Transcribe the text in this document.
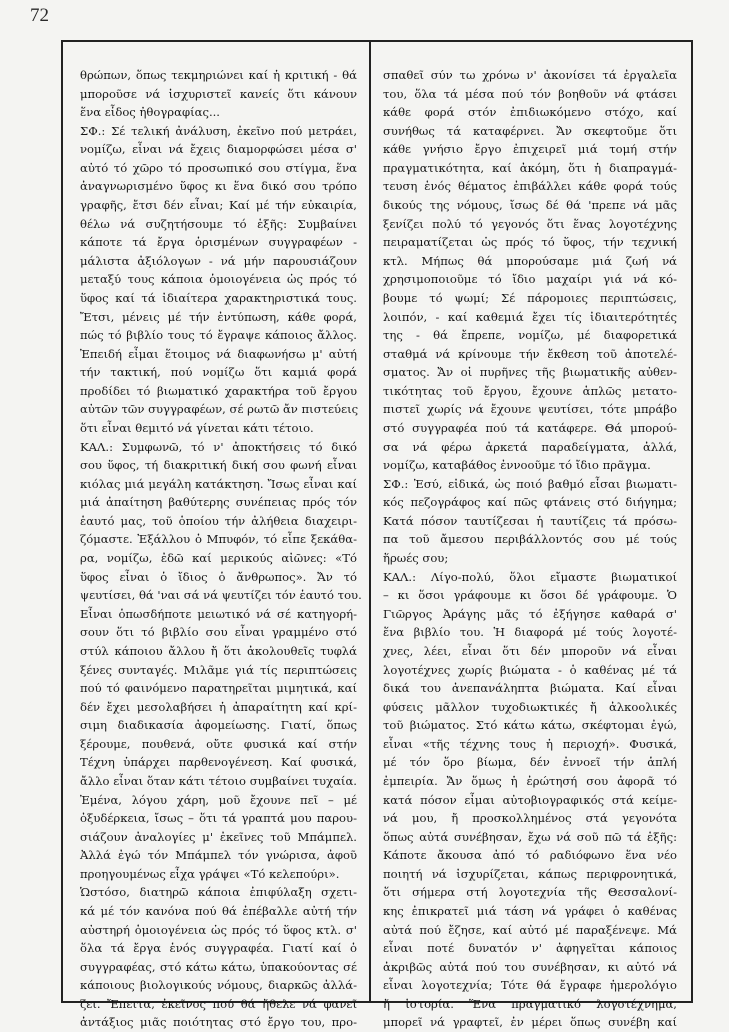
72
θρώπων, ὅπως τεκμηριώνει καί ἡ κριτική - θά
μποροῦσε νά ἰσχυριστεῖ κανείς ὅτι κάνουν
ἕνα εἶδος ἠθογραφίας...
ΣΦ.: Σέ τελική ἀνάλυση, ἐκεῖνο πού μετράει,
νομίζω, εἶναι νά ἔχεις διαμορφώσει μέσα σ'
αὐτό τό χῶρο τό προσωπικό σου στίγμα, ἕνα
ἀναγνωρισμένο ὕφος κι ἕνα δικό σου τρόπο
γραφῆς, ἔτσι δέν εἶναι; Καί μέ τήν εὐκαιρία,
θέλω νά συζητήσουμε τό ἑξῆς: Συμβαίνει
κάποτε τά ἔργα ὁρισμένων συγγραφέων -
μάλιστα ἀξιόλογων - νά μήν παρουσιάζουν
μεταξύ τους κάποια ὁμοιογένεια ὡς πρός τό
ὕφος καί τά ἰδιαίτερα χαρακτηριστικά τους.
Ἔτσι, μένεις μέ τήν ἐντύπωση, κάθε φορά,
πώς τό βιβλίο τους τό ἔγραψε κάποιος ἄλλος.
Ἐπειδή εἶμαι ἕτοιμος νά διαφωνήσω μ' αὐτή
τήν τακτική, πού νομίζω ὅτι καμιά φορά
προδίδει τό βιωματικό χαρακτήρα τοῦ ἔργου
αὐτῶν τῶν συγγραφέων, σέ ρωτῶ ἄν πιστεύεις
ὅτι εἶναι θεμιτό νά γίνεται κάτι τέτοιο.
ΚΑΛ.: Συμφωνῶ, τό ν' ἀποκτήσεις τό δικό
σου ὕφος, τή διακριτική δική σου φωνή εἶναι
κιόλας μιά μεγάλη κατάκτηση. Ἴσως εἶναι καί
μιά ἀπαίτηση βαθύτερης συνέπειας πρός τόν
ἑαυτό μας, τοῦ ὁποίου τήν ἀλήθεια διαχειρι-
ζόμαστε. Ἐξάλλου ὁ Μπυφόν, τό εἶπε ξεκάθα-
ρα, νομίζω, ἐδῶ καί μερικούς αἰῶνες: «Τό
ὕφος εἶναι ὁ ἴδιος ὁ ἄνθρωπος». Ἄν τό
ψευτίσει, θά 'ναι σά νά ψευτίζει τόν ἑαυτό του.
Εἶναι ὁπωσδήποτε μειωτικό νά σέ κατηγορή-
σουν ὅτι τό βιβλίο σου εἶναι γραμμένο στό
στύλ κάποιου ἄλλου ἤ ὅτι ἀκολουθεῖς τυφλά
ξένες συνταγές. Μιλᾶμε γιά τίς περιπτώσεις
πού τό φαινόμενο παρατηρεῖται μιμητικά, καί
δέν ἔχει μεσολαβήσει ἡ ἀπαραίτητη καί κρί-
σιμη διαδικασία ἀφομείωσης. Γιατί, ὅπως
ξέρουμε, πουθενά, οὔτε φυσικά καί στήν
Τέχνη ὑπάρχει παρθενογένεση. Καί φυσικά,
ἄλλο εἶναι ὅταν κάτι τέτοιο συμβαίνει τυχαία.
Ἐμένα, λόγου χάρη, μοῦ ἔχουνε πεῖ – μέ
ὀξυδέρκεια, ἴσως – ὅτι τά γραπτά μου παρου-
σιάζουν ἀναλογίες μ' ἐκεῖνες τοῦ Μπάμπελ.
Ἀλλά ἐγώ τόν Μπάμπελ τόν γνώρισα, ἀφοῦ
προηγουμένως εἶχα γράψει «Τό κελεπούρι».
Ὡστόσο, διατηρῶ κάποια ἐπιφύλαξη σχετι-
κά μέ τόν κανόνα πού θά ἐπέβαλλε αὐτή τήν
αὐστηρή ὁμοιογένεια ὡς πρός τό ὕφος κτλ. σ'
ὅλα τά ἔργα ἑνός συγγραφέα. Γιατί καί ὁ
συγγραφέας, στό κάτω κάτω, ὑπακούοντας σέ
κάποιους βιολογικούς νόμους, διαρκῶς ἀλλά-
ζει. Ἔπειτα, ἐκεῖνος πού θά ἤθελε νά φανεῖ
ἀντάξιος μιᾶς ποιότητας στό ἔργο του, προ-
σπαθεῖ σύν τω χρόνω ν' ἀκονίσει τά ἐργαλεῖα
του, ὅλα τά μέσα πού τόν βοηθοῦν νά φτάσει
κάθε φορά στόν ἐπιδιωκόμενο στόχο, καί
συνήθως τά καταφέρνει. Ἄν σκεφτοῦμε ὅτι
κάθε γνήσιο ἔργο ἐπιχειρεῖ μιά τομή στήν
πραγματικότητα, καί ἀκόμη, ὅτι ἡ διαπραγμά-
τευση ἑνός θέματος ἐπιβάλλει κάθε φορά τούς
δικούς της νόμους, ἴσως δέ θά 'πρεπε νά μᾶς
ξενίζει πολύ τό γεγονός ὅτι ἕνας λογοτέχνης
πειραματίζεται ὡς πρός τό ὕφος, τήν τεχνική
κτλ. Μήπως θά μπορούσαμε μιά ζωή νά
χρησιμοποιοῦμε τό ἴδιο μαχαίρι γιά νά κό-
βουμε τό ψωμί; Σέ πάρομοιες περιπτώσεις,
λοιπόν, - καί καθεμιά ἔχει τίς ἰδιαιτερότητές
της - θά ἔπρεπε, νομίζω, μέ διαφορετικά
σταθμά νά κρίνουμε τήν ἔκθεση τοῦ ἀποτελέ-
σματος. Ἄν οἱ πυρῆνες τῆς βιωματικῆς αὐθεν-
τικότητας τοῦ ἔργου, ἔχουνε ἁπλῶς μετατο-
πιστεῖ χωρίς νά ἔχουνε ψευτίσει, τότε μπράβο
στό συγγραφέα πού τά κατάφερε. Θά μπορού-
σα νά φέρω ἀρκετά παραδείγματα, ἀλλά,
νομίζω, καταβάθος ἐννοοῦμε τό ἴδιο πρᾶγμα.
ΣΦ.: Ἐσύ, εἰδικά, ὡς ποιό βαθμό εἶσαι βιωματι-
κός πεζογράφος καί πῶς φτάνεις στό διήγημα;
Κατά πόσον ταυτίζεσαι ἡ ταυτίζεις τά πρόσω-
πα τοῦ ἄμεσου περιβάλλοντός σου μέ τούς
ἥρωές σου;
ΚΑΛ.: Λίγο-πολύ, ὅλοι εἴμαστε βιωματικοί
– κι ὅσοι γράφουμε κι ὅσοι δέ γράφουμε. Ὁ
Γιῶργος Ἀράγης μᾶς τό ἐξήγησε καθαρά σ'
ἕνα βιβλίο του. Ἡ διαφορά μέ τούς λογοτέ-
χνες, λέει, εἶναι ὅτι δέν μποροῦν νά εἶναι
λογοτέχνες χωρίς βιώματα - ὁ καθένας μέ τά
δικά του ἀνεπανάληπτα βιώματα. Καί εἶναι
φύσεις μᾶλλον τυχοδιωκτικές ἤ ἀλκοολικές
τοῦ βιώματος. Στό κάτω κάτω, σκέφτομαι ἐγώ,
εἶναι «τῆς τέχνης τους ἡ περιοχή». Φυσικά,
μέ τόν ὅρο βίωμα, δέν ἐννοεῖ τήν ἁπλή
ἐμπειρία. Ἄν ὅμως ἡ ἐρώτησή σου ἀφορᾶ τό
κατά πόσον εἶμαι αὐτοβιογραφικός στά κείμε-
νά μου, ἤ προσκολλημένος στά γεγονότα
ὅπως αὐτά συνέβησαν, ἔχω νά σοῦ πῶ τά ἑξῆς:
Κάποτε ἄκουσα ἀπό τό ραδιόφωνο ἕνα νέο
ποιητή νά ἰσχυρίζεται, κάπως περιφρονητικά,
ὅτι σήμερα στή λογοτεχνία τῆς Θεσσαλονί-
κης ἐπικρατεῖ μιά τάση νά γράφει ὁ καθένας
αὐτά πού ἔζησε, καί αὐτό μέ παραξένεψε. Μά
εἶναι ποτέ δυνατόν ν' ἀφηγεῖται κάποιος
ἀκριβῶς αὐτά πού του συνέβησαν, κι αὐτό νά
εἶναι λογοτεχνία; Τότε θά ἔγραφε ἡμερολόγιο
ἤ ἱστορία. Ἕνα πραγματικό λογοτέχνημα,
μπορεῖ νά γραφτεῖ, ἐν μέρει ὅπως συνέβη καί
